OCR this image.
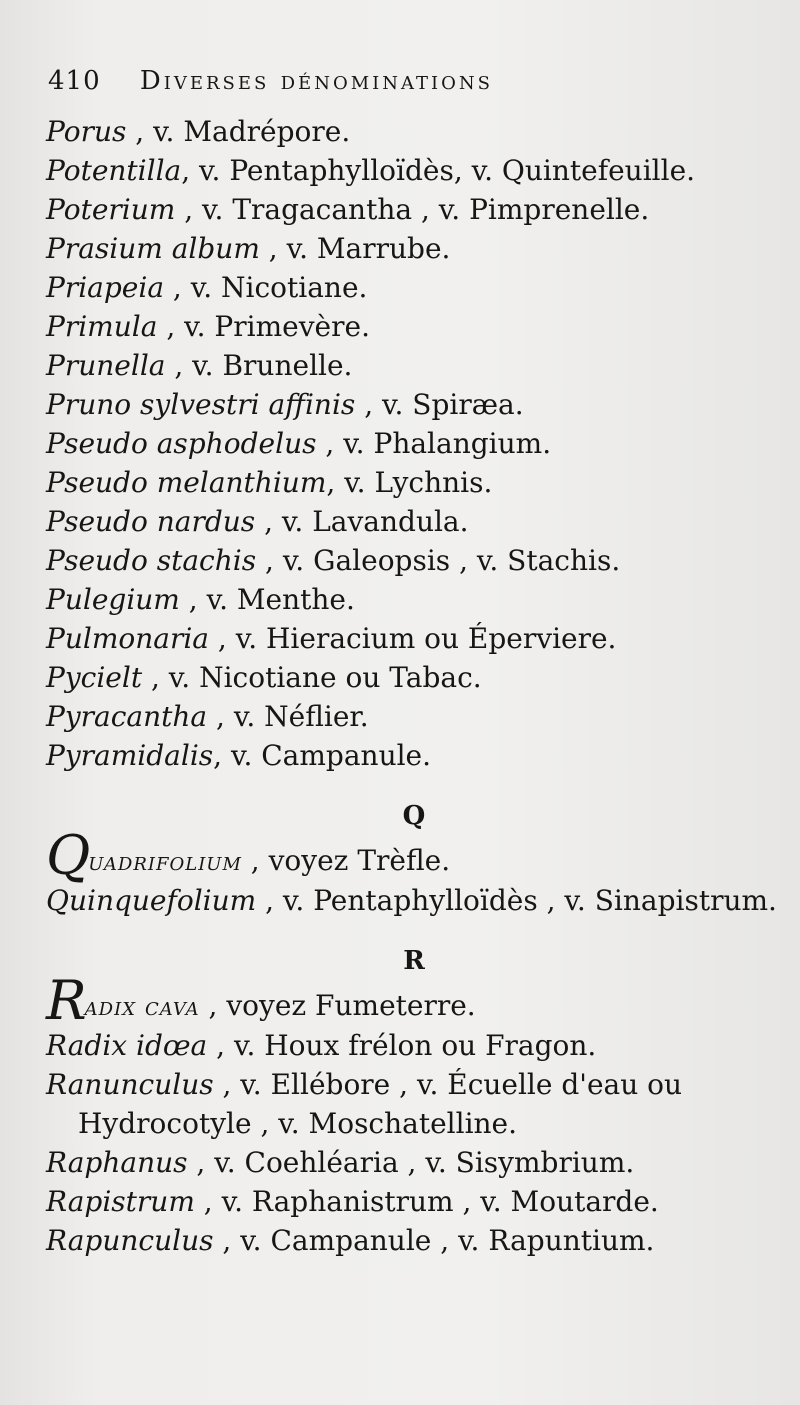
410 Diverses dénominations
Porus , v. Madrépore.
Potentilla, v. Pentaphylloïdès, v. Quintefeuille.
Poterium , v. Tragacantha , v. Pimprenelle.
Prasium album , v. Marrube.
Priapeia , v. Nicotiane.
Primula , v. Primevère.
Prunella , v. Brunelle.
Pruno sylvestri affinis , v. Spiræa.
Pseudo asphodelus , v. Phalangium.
Pseudo melanthium, v. Lychnis.
Pseudo nardus , v. Lavandula.
Pseudo stachis , v. Galeopsis , v. Stachis.
Pulegium , v. Menthe.
Pulmonaria , v. Hieracium ou Éperviere.
Pycielt , v. Nicotiane ou Tabac.
Pyracantha , v. Néflier.
Pyramidalis, v. Campanule.
Q
Quadrifolium , voyez Trèfle.
Quinquefolium , v. Pentaphylloïdès , v. Sinapistrum.
R
Radix cava , voyez Fumeterre.
Radix idœa , v. Houx frélon ou Fragon.
Ranunculus , v. Ellébore , v. Écuelle d'eau ou Hydrocotyle , v. Moschatelline.
Raphanus , v. Coehléaria , v. Sisymbrium.
Rapistrum , v. Raphanistrum , v. Moutarde.
Rapunculus , v. Campanule , v. Rapuntium.
